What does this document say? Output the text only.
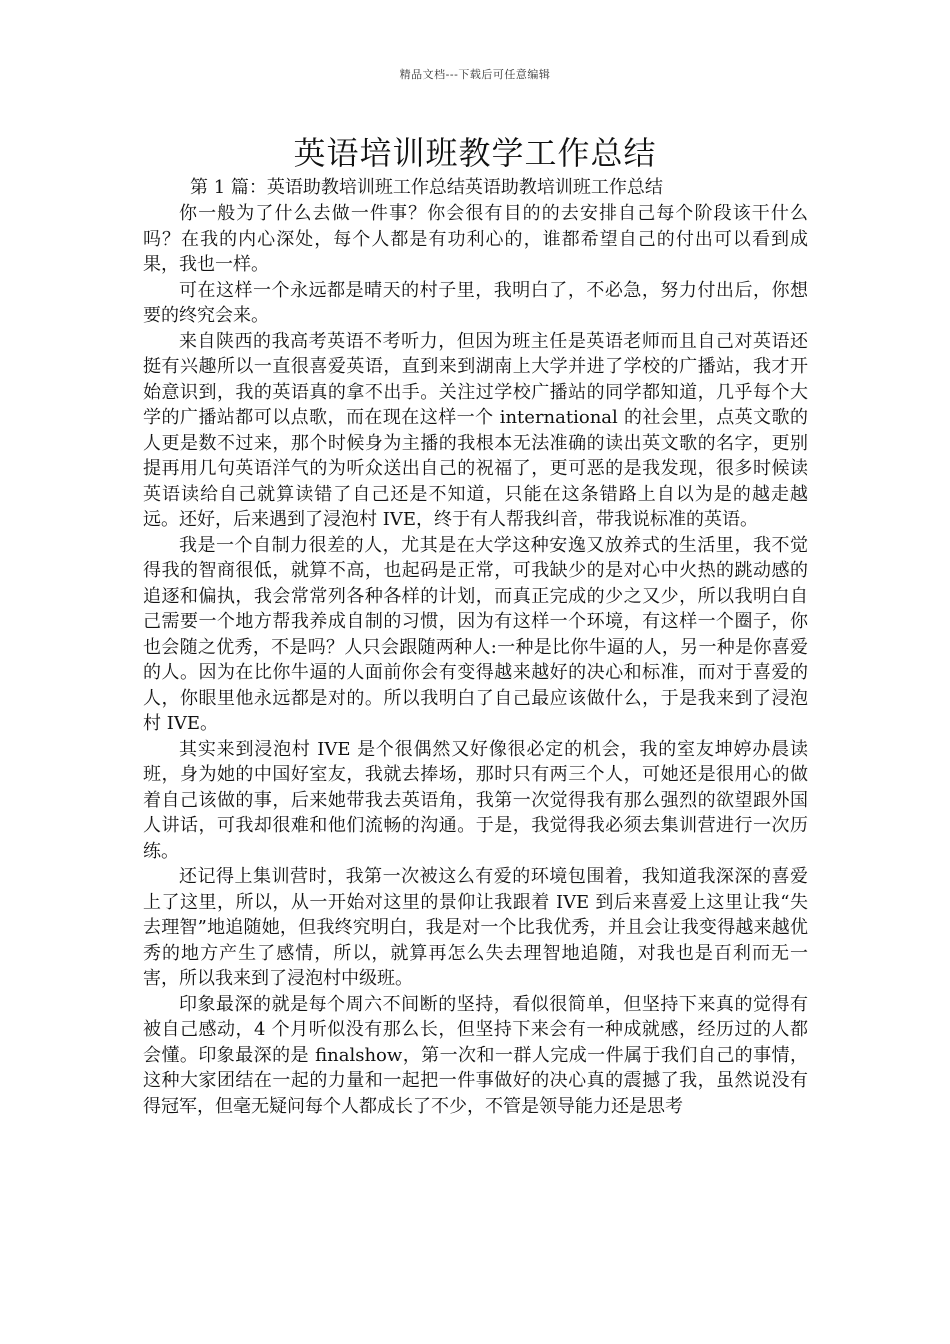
精品文档---下载后可任意编辑
英语培训班教学工作总结
第 1 篇：英语助教培训班工作总结英语助教培训班工作总结

你一般为了什么去做一件事？你会很有目的的去安排自己每个阶段该干什么吗？在我的内心深处，每个人都是有功利心的，谁都希望自己的付出可以看到成果，我也一样。

可在这样一个永远都是晴天的村子里，我明白了，不必急，努力付出后，你想要的终究会来。

来自陕西的我高考英语不考听力，但因为班主任是英语老师而且自己对英语还挺有兴趣所以一直很喜爱英语，直到来到湖南上大学并进了学校的广播站，我才开始意识到，我的英语真的拿不出手。关注过学校广播站的同学都知道，几乎每个大学的广播站都可以点歌，而在现在这样一个 international 的社会里，点英文歌的人更是数不过来，那个时候身为主播的我根本无法准确的读出英文歌的名字，更别提再用几句英语洋气的为听众送出自己的祝福了，更可恶的是我发现，很多时候读英语读给自己就算读错了自己还是不知道，只能在这条错路上自以为是的越走越远。还好，后来遇到了浸泡村 IVE，终于有人帮我纠音，带我说标准的英语。

我是一个自制力很差的人，尤其是在大学这种安逸又放养式的生活里，我不觉得我的智商很低，就算不高，也起码是正常，可我缺少的是对心中火热的跳动感的追逐和偏执，我会常常列各种各样的计划，而真正完成的少之又少，所以我明白自己需要一个地方帮我养成自制的习惯，因为有这样一个环境，有这样一个圈子，你也会随之优秀，不是吗？人只会跟随两种人:一种是比你牛逼的人，另一种是你喜爱的人。因为在比你牛逼的人面前你会有变得越来越好的决心和标准，而对于喜爱的人，你眼里他永远都是对的。所以我明白了自己最应该做什么，于是我来到了浸泡村 IVE。

其实来到浸泡村 IVE 是个很偶然又好像很必定的机会，我的室友坤婷办晨读班，身为她的中国好室友，我就去捧场，那时只有两三个人，可她还是很用心的做着自己该做的事，后来她带我去英语角，我第一次觉得我有那么强烈的欲望跟外国人讲话，可我却很难和他们流畅的沟通。于是，我觉得我必须去集训营进行一次历练。

还记得上集训营时，我第一次被这么有爱的环境包围着，我知道我深深的喜爱上了这里，所以，从一开始对这里的景仰让我跟着 IVE 到后来喜爱上这里让我“失去理智”地追随她，但我终究明白，我是对一个比我优秀，并且会让我变得越来越优秀的地方产生了感情，所以，就算再怎么失去理智地追随，对我也是百利而无一害，所以我来到了浸泡村中级班。

印象最深的就是每个周六不间断的坚持，看似很简单，但坚持下来真的觉得有被自己感动，4 个月听似没有那么长，但坚持下来会有一种成就感，经历过的人都会懂。印象最深的是 finalshow，第一次和一群人完成一件属于我们自己的事情，这种大家团结在一起的力量和一起把一件事做好的决心真的震撼了我，虽然说没有得冠军，但毫无疑问每个人都成长了不少，不管是领导能力还是思考
